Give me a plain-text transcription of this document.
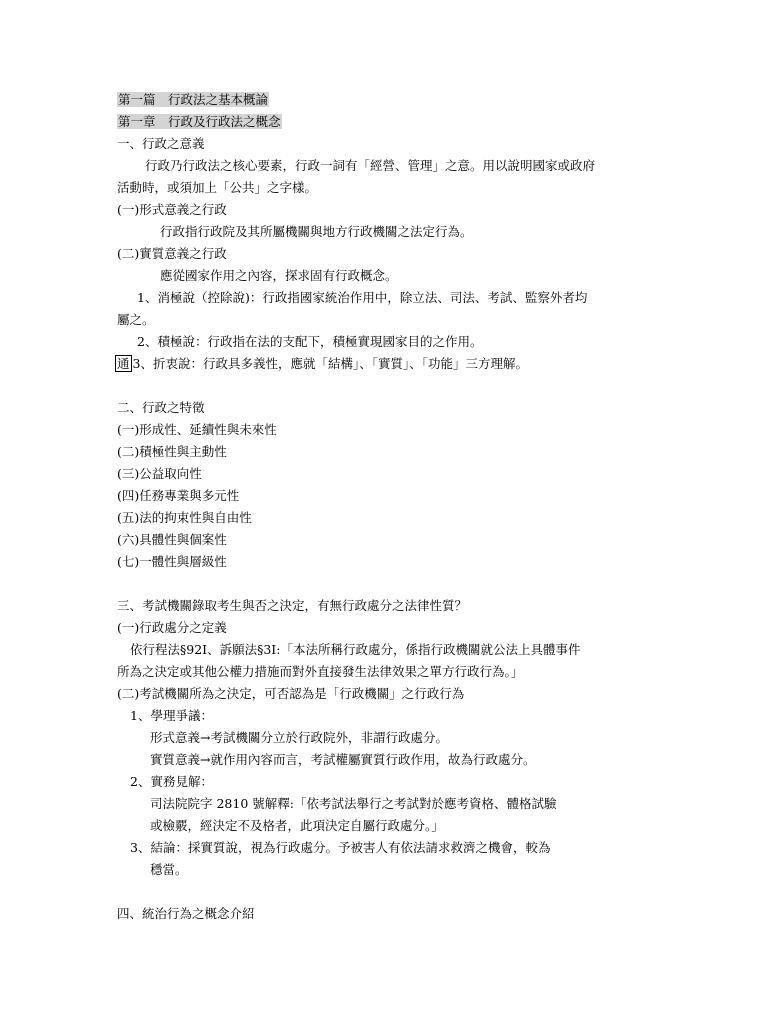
第一篇　行政法之基本概論
第一章　行政及行政法之概念
一、行政之意義
行政乃行政法之核心要素，行政一詞有「經營、管理」之意。用以說明國家或政府
活動時，或須加上「公共」之字樣。
(一)形式意義之行政
行政指行政院及其所屬機關與地方行政機關之法定行為。
(二)實質意義之行政
應從國家作用之內容，探求固有行政概念。
1、消極說（控除說)：行政指國家統治作用中，除立法、司法、考試、監察外者均
屬之。
2、積極說：行政指在法的支配下，積極實現國家目的之作用。
通 3、折衷說：行政具多義性，應就「結構」、「實質」、「功能」三方理解。
二、行政之特徵
(一)形成性、延續性與未來性
(二)積極性與主動性
(三)公益取向性
(四)任務專業與多元性
(五)法的拘束性與自由性
(六)具體性與個案性
(七)一體性與層級性
三、考試機關錄取考生與否之決定，有無行政處分之法律性質？
(一)行政處分之定義
依行程法§92Ⅰ、訴願法§3Ⅰ:「本法所稱行政處分，係指行政機關就公法上具體事件
所為之決定或其他公權力措施而對外直接發生法律效果之單方行政行為。」
(二)考試機關所為之決定，可否認為是「行政機關」之行政行為
1、學理爭議：
形式意義→考試機關分立於行政院外，非謂行政處分。
實質意義→就作用內容而言，考試權屬實質行政作用，故為行政處分。
2、實務見解：
司法院院字 2810 號解釋:「依考試法舉行之考試對於應考資格、體格試驗
或檢覈，經決定不及格者，此項決定自屬行政處分。」
3、結論：採實質說，視為行政處分。予被害人有依法請求救濟之機會，較為
穩當。
四、統治行為之概念介紹
